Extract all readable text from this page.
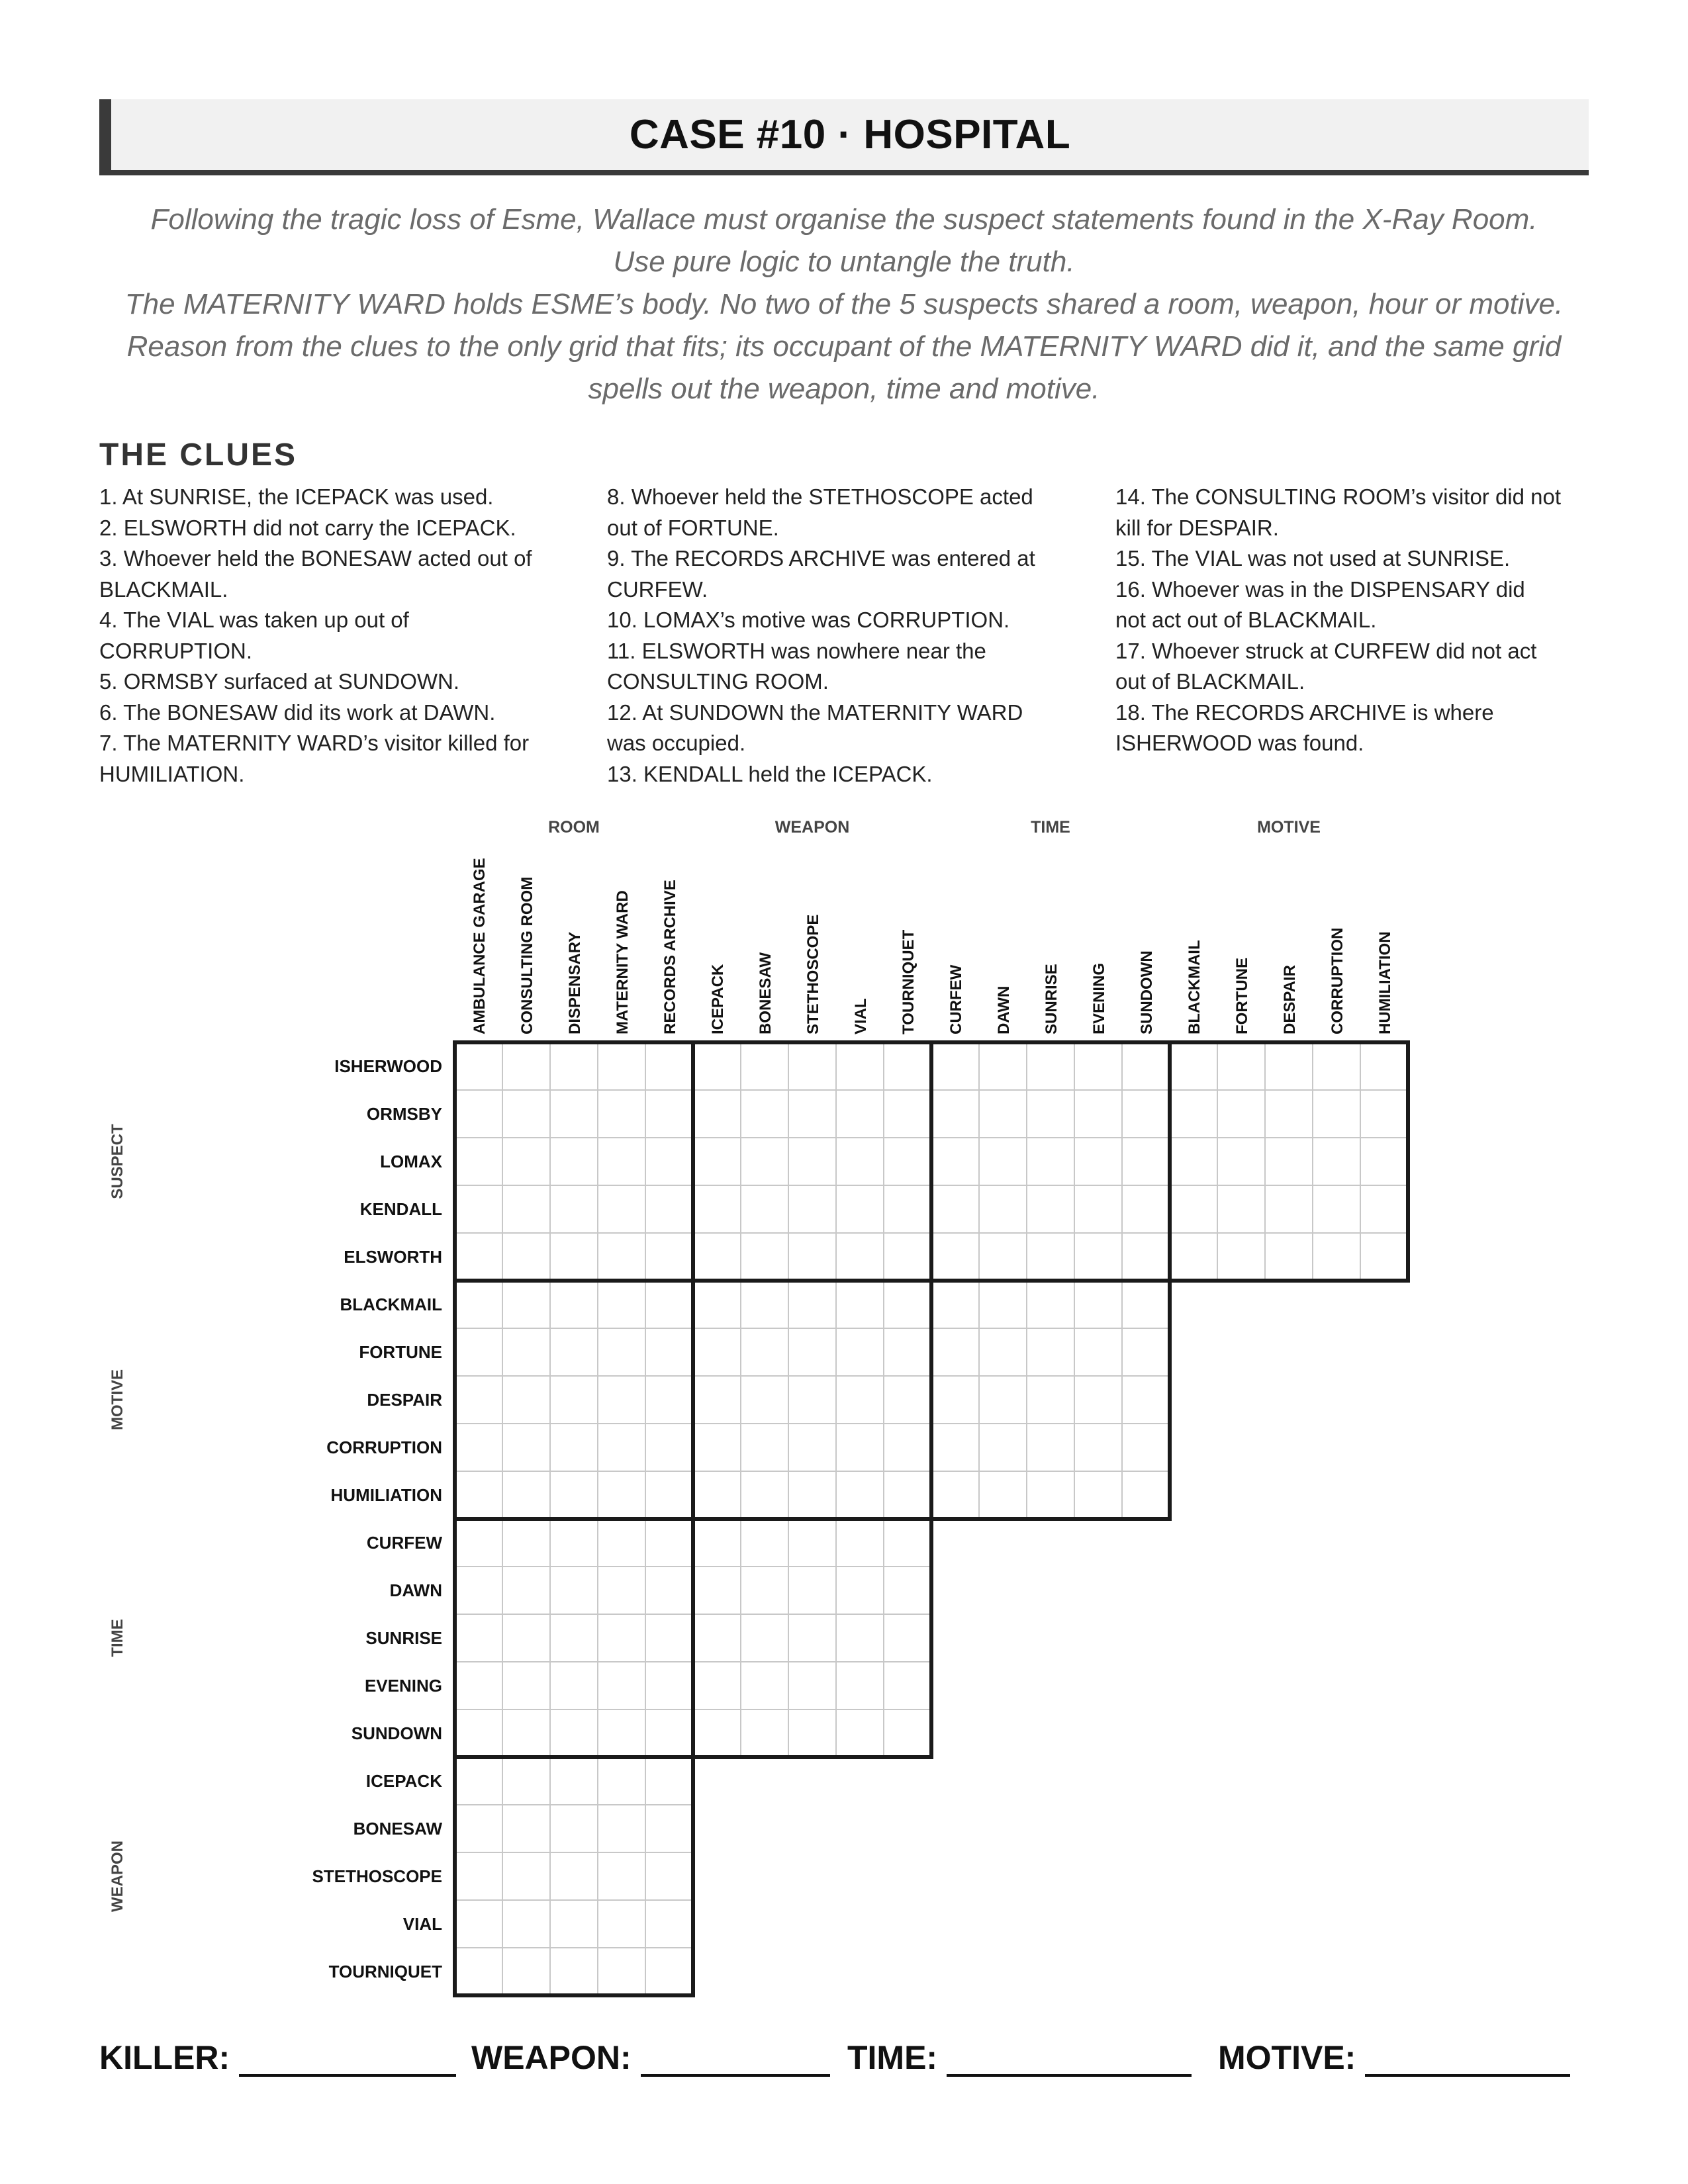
CASE #10 · HOSPITAL

Following the tragic loss of Esme, Wallace must organise the suspect statements found in the X-Ray Room.

Use pure logic to untangle the truth.

The MATERNITY WARD holds ESME’s body. No two of the 5 suspects shared a room, weapon, hour or motive.

Reason from the clues to the only grid that fits; its occupant of the MATERNITY WARD did it, and the same grid

spells out the weapon, time and motive.

THE CLUES

1. At SUNRISE, the ICEPACK was used.

2. ELSWORTH did not carry the ICEPACK.

3. Whoever held the BONESAW acted out of

BLACKMAIL.

4. The VIAL was taken up out of

CORRUPTION.

5. ORMSBY surfaced at SUNDOWN.

6. The BONESAW did its work at DAWN.

7. The MATERNITY WARD’s visitor killed for

HUMILIATION.

8. Whoever held the STETHOSCOPE acted

out of FORTUNE.

9. The RECORDS ARCHIVE was entered at

CURFEW.

10. LOMAX’s motive was CORRUPTION.

11. ELSWORTH was nowhere near the

CONSULTING ROOM.

12. At SUNDOWN the MATERNITY WARD

was occupied.

13. KENDALL held the ICEPACK.

14. The CONSULTING ROOM’s visitor did not

kill for DESPAIR.

15. The VIAL was not used at SUNRISE.

16. Whoever was in the DISPENSARY did

not act out of BLACKMAIL.

17. Whoever struck at CURFEW did not act

out of BLACKMAIL.

18. The RECORDS ARCHIVE is where

ISHERWOOD was found.

ROOM
AMBULANCE GARAGE CONSULTING ROOM DISPENSARY MATERNITY WARD RECORDS ARCHIVE
WEAPON
ICEPACK BONESAW STETHOSCOPE VIAL TOURNIQUET
TIME
CURFEW DAWN SUNRISE EVENING SUNDOWN
MOTIVE
BLACKMAIL FORTUNE DESPAIR CORRUPTION HUMILIATION
SUSPECT
ISHERWOOD
ORMSBY
LOMAX
KENDALL
ELSWORTH
MOTIVE
BLACKMAIL
FORTUNE
DESPAIR
CORRUPTION
HUMILIATION
TIME
CURFEW
DAWN
SUNRISE
EVENING
SUNDOWN
WEAPON
ICEPACK
BONESAW
STETHOSCOPE
VIAL
TOURNIQUET
KILLER:	WEAPON:	TIME:	MOTIVE:
